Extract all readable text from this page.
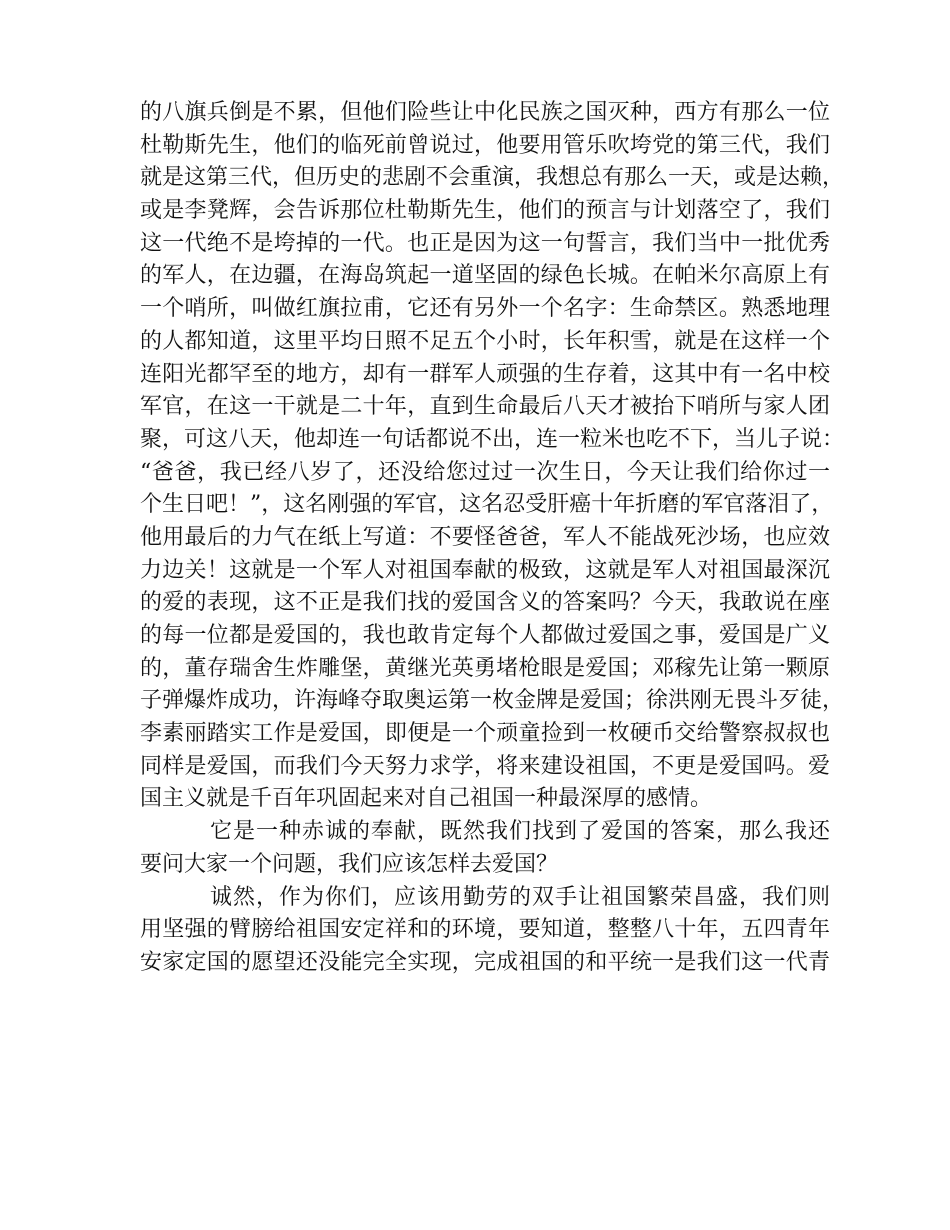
的八旗兵倒是不累，但他们险些让中化民族之国灭种，西方有那么一位
杜勒斯先生，他们的临死前曾说过，他要用管乐吹垮党的第三代，我们
就是这第三代，但历史的悲剧不会重演，我想总有那么一天，或是达赖，
或是李凳辉，会告诉那位杜勒斯先生，他们的预言与计划落空了，我们
这一代绝不是垮掉的一代。也正是因为这一句誓言，我们当中一批优秀
的军人，在边疆，在海岛筑起一道坚固的绿色长城。在帕米尔高原上有
一个哨所，叫做红旗拉甫，它还有另外一个名字：生命禁区。熟悉地理
的人都知道，这里平均日照不足五个小时，长年积雪，就是在这样一个
连阳光都罕至的地方，却有一群军人顽强的生存着，这其中有一名中校
军官，在这一干就是二十年，直到生命最后八天才被抬下哨所与家人团
聚，可这八天，他却连一句话都说不出，连一粒米也吃不下，当儿子说：
“爸爸，我已经八岁了，还没给您过过一次生日，今天让我们给你过一
个生日吧！”，这名刚强的军官，这名忍受肝癌十年折磨的军官落泪了，
他用最后的力气在纸上写道：不要怪爸爸，军人不能战死沙场，也应效
力边关！这就是一个军人对祖国奉献的极致，这就是军人对祖国最深沉
的爱的表现，这不正是我们找的爱国含义的答案吗？今天，我敢说在座
的每一位都是爱国的，我也敢肯定每个人都做过爱国之事，爱国是广义
的，董存瑞舍生炸雕堡，黄继光英勇堵枪眼是爱国；邓稼先让第一颗原
子弹爆炸成功，许海峰夺取奥运第一枚金牌是爱国；徐洪刚无畏斗歹徒，
李素丽踏实工作是爱国，即便是一个顽童捡到一枚硬币交给警察叔叔也
同样是爱国，而我们今天努力求学，将来建设祖国，不更是爱国吗。爱
国主义就是千百年巩固起来对自己祖国一种最深厚的感情。
它是一种赤诚的奉献，既然我们找到了爱国的答案，那么我还
要问大家一个问题，我们应该怎样去爱国？
诚然，作为你们，应该用勤劳的双手让祖国繁荣昌盛，我们则
用坚强的臂膀给祖国安定祥和的环境，要知道，整整八十年，五四青年
安家定国的愿望还没能完全实现，完成祖国的和平统一是我们这一代青
